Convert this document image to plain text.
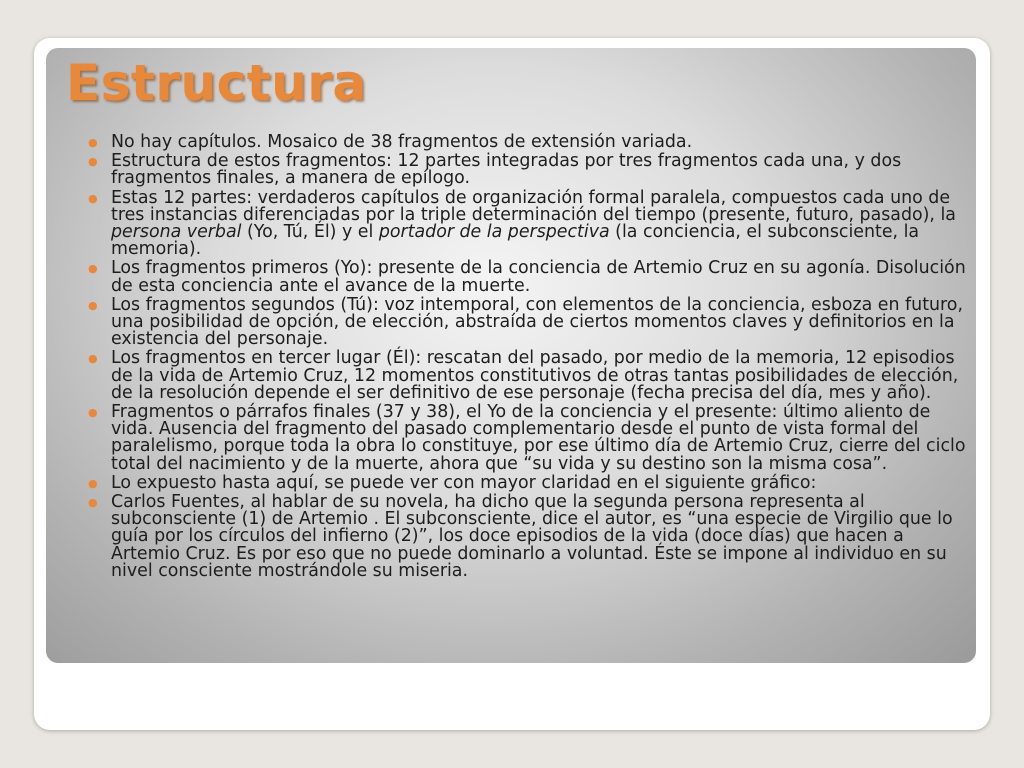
Estructura
● No hay capítulos. Mosaico de 38 fragmentos de extensión variada.
● Estructura de estos fragmentos: 12 partes integradas por tres fragmentos cada una, y dos fragmentos finales, a manera de epílogo.
● Estas 12 partes: verdaderos capítulos de organización formal paralela, compuestos cada uno de tres instancias diferenciadas por la triple determinación del tiempo (presente, futuro, pasado), la persona verbal (Yo, Tú, Él) y el portador de la perspectiva (la conciencia, el subconsciente, la memoria).
● Los fragmentos primeros (Yo): presente de la conciencia de Artemio Cruz en su agonía. Disolución de esta conciencia ante el avance de la muerte.
● Los fragmentos segundos (Tú): voz intemporal, con elementos de la conciencia, esboza en futuro, una posibilidad de opción, de elección, abstraída de ciertos momentos claves y definitorios en la existencia del personaje.
● Los fragmentos en tercer lugar (Él): rescatan del pasado, por medio de la memoria, 12 episodios de la vida de Artemio Cruz, 12 momentos constitutivos de otras tantas posibilidades de elección, de la resolución depende el ser definitivo de ese personaje (fecha precisa del día, mes y año).
● Fragmentos o párrafos finales (37 y 38), el Yo de la conciencia y el presente: último aliento de vida. Ausencia del fragmento del pasado complementario desde el punto de vista formal del paralelismo, porque toda la obra lo constituye, por ese último día de Artemio Cruz, cierre del ciclo total del nacimiento y de la muerte, ahora que “su vida y su destino son la misma cosa”.
● Lo expuesto hasta aquí, se puede ver con mayor claridad en el siguiente gráfico:
● Carlos Fuentes, al hablar de su novela, ha dicho que la segunda persona representa al subconsciente (1) de Artemio . El subconsciente, dice el autor, es “una especie de Virgilio que lo guía por los círculos del infierno (2)”, los doce episodios de la vida (doce días) que hacen a Artemio Cruz. Es por eso que no puede dominarlo a voluntad. Éste se impone al individuo en su nivel consciente mostrándole su miseria.
